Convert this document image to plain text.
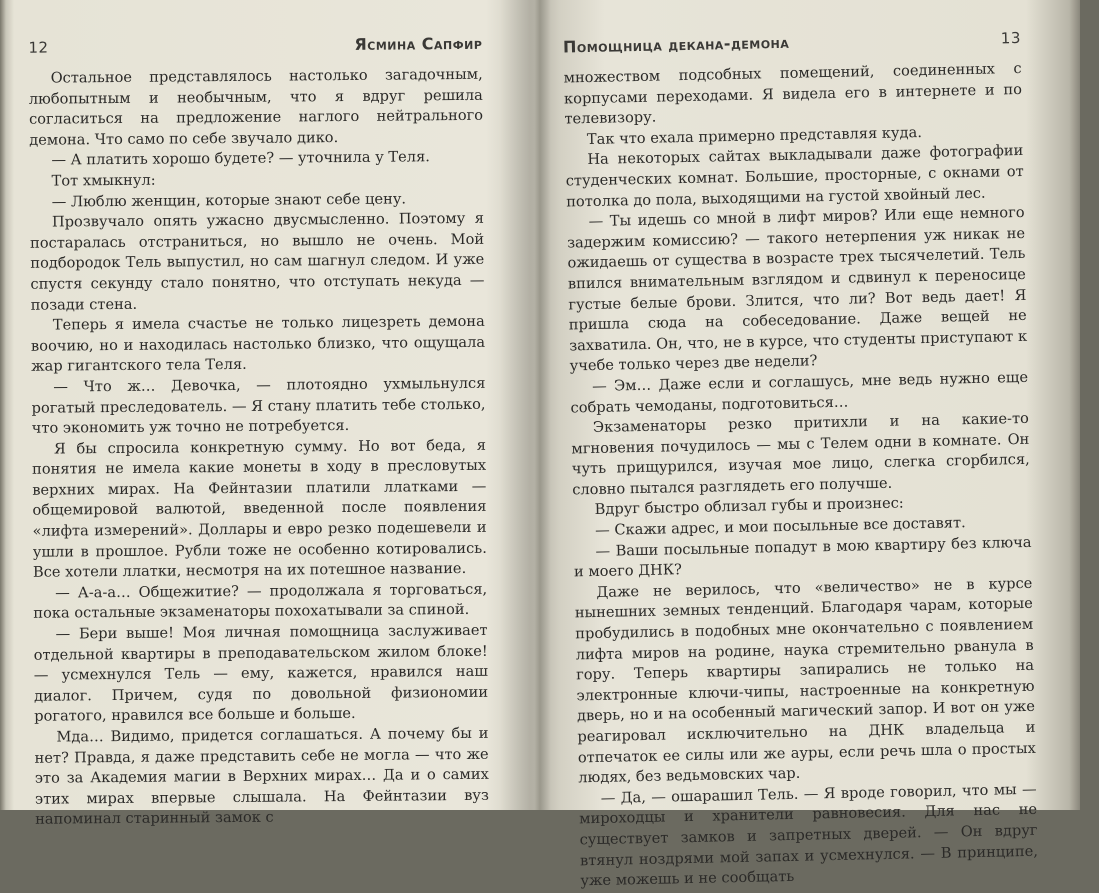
12	Ясмина Сапфир

Остальное представлялось настолько загадочным, любопытным и необычным, что я вдруг решила согласиться на предложение наглого нейтрального демона. Что само по себе звучало дико.

— А платить хорошо будете? — уточнила у Теля.

Тот хмыкнул:

— Люблю женщин, которые знают себе цену.

Прозвучало опять ужасно двусмысленно. Поэтому я постаралась отстраниться, но вышло не очень. Мой подбородок Тель выпустил, но сам шагнул следом. И уже спустя секунду стало понятно, что отступать некуда — позади стена.

Теперь я имела счастье не только лицезреть демона воочию, но и находилась настолько близко, что ощущала жар гигантского тела Теля.

— Что ж… Девочка, — плотоядно ухмыльнулся рогатый преследователь. — Я стану платить тебе столько, что экономить уж точно не потребуется.

Я бы спросила конкретную сумму. Но вот беда, я понятия не имела какие монеты в ходу в пресловутых верхних мирах. На Фейнтазии платили ллатками — общемировой валютой, введенной после появления «лифта измерений». Доллары и евро резко подешевели и ушли в прошлое. Рубли тоже не особенно котировались. Все хотели ллатки, несмотря на их потешное название.

— А-а-а… Общежитие? — продолжала я торговаться, пока остальные экзаменаторы похохатывали за спиной.

— Бери выше! Моя личная помощница заслуживает отдельной квартиры в преподавательском жилом блоке! — усмехнулся Тель — ему, кажется, нравился наш диалог. Причем, судя по довольной физиономии рогатого, нравился все больше и больше.

Мда… Видимо, придется соглашаться. А почему бы и нет? Правда, я даже представить себе не могла — что же это за Академия магии в Верхних мирах… Да и о самих этих мирах впервые слышала. На Фейнтазии вуз напоминал старинный замок с

Помощница декана-демона	13

множеством подсобных помещений, соединенных с корпусами переходами. Я видела его в интернете и по телевизору.

Так что ехала примерно представляя куда.

На некоторых сайтах выкладывали даже фотографии студенческих комнат. Большие, просторные, с окнами от потолка до пола, выходящими на густой хвойный лес.

— Ты идешь со мной в лифт миров? Или еще немного задержим комиссию? — такого нетерпения уж никак не ожидаешь от существа в возрасте трех тысячелетий. Тель впился внимательным взглядом и сдвинул к переносице густые белые брови. Злится, что ли? Вот ведь дает! Я пришла сюда на собеседование. Даже вещей не захватила. Он, что, не в курсе, что студенты приступают к учебе только через две недели?

— Эм… Даже если и соглашусь, мне ведь нужно еще собрать чемоданы, подготовиться…

Экзаменаторы резко притихли и на какие-то мгновения почудилось — мы с Телем одни в комнате. Он чуть прищурился, изучая мое лицо, слегка сгорбился, словно пытался разглядеть его получше.

Вдруг быстро облизал губы и произнес:

— Скажи адрес, и мои посыльные все доставят.

— Ваши посыльные попадут в мою квартиру без ключа и моего ДНК?

Даже не верилось, что «величество» не в курсе нынешних земных тенденций. Благодаря чарам, которые пробудились в подобных мне окончательно с появлением лифта миров на родине, наука стремительно рванула в гору. Теперь квартиры запирались не только на электронные ключи-чипы, настроенные на конкретную дверь, но и на особенный магический запор. И вот он уже реагировал исключительно на ДНК владельца и отпечаток ее силы или же ауры, если речь шла о простых людях, без ведьмовских чар.

— Да, — ошарашил Тель. — Я вроде говорил, что мы — мироходцы и хранители равновесия. Для нас не существует замков и запретных дверей. — Он вдруг втянул ноздрями мой запах и усмехнулся. — В принципе, уже можешь и не сообщать
